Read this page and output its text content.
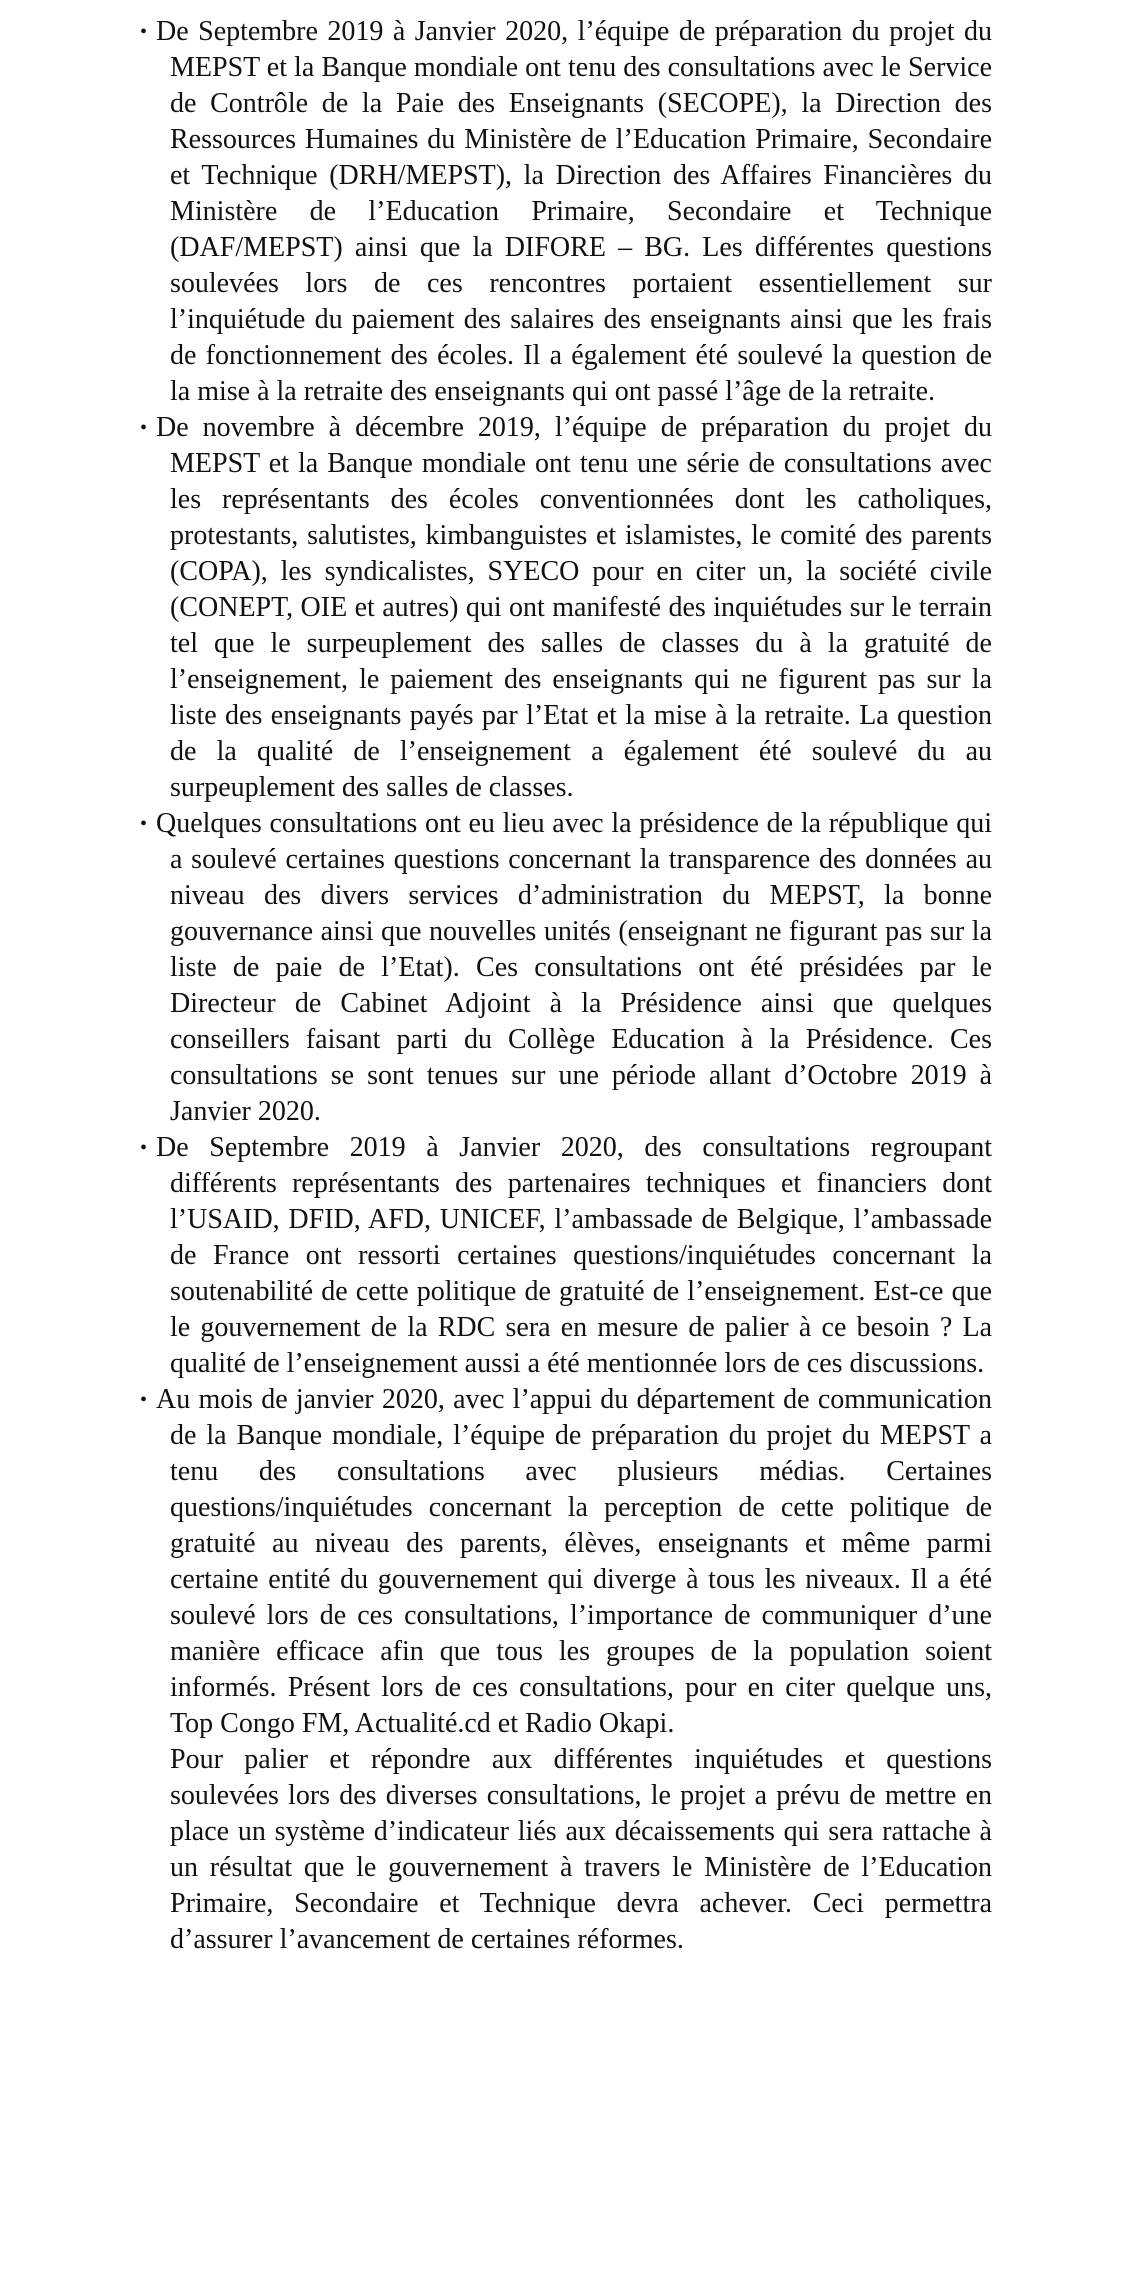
• De Septembre 2019 à Janvier 2020, l’équipe de préparation du projet du MEPST et la Banque mondiale ont tenu des consultations avec le Service de Contrôle de la Paie des Enseignants (SECOPE), la Direction des Ressources Humaines du Ministère de l’Education Primaire, Secondaire et Technique (DRH/MEPST), la Direction des Affaires Financières du Ministère de l’Education Primaire, Secondaire et Technique (DAF/MEPST) ainsi que la DIFORE – BG. Les différentes questions soulevées lors de ces rencontres portaient essentiellement sur l’inquiétude du paiement des salaires des enseignants ainsi que les frais de fonctionnement des écoles. Il a également été soulevé la question de la mise à la retraite des enseignants qui ont passé l’âge de la retraite.

• De novembre à décembre 2019, l’équipe de préparation du projet du MEPST et la Banque mondiale ont tenu une série de consultations avec les représentants des écoles conventionnées dont les catholiques, protestants, salutistes, kimbanguistes et islamistes, le comité des parents (COPA), les syndicalistes, SYECO pour en citer un, la société civile (CONEPT, OIE et autres) qui ont manifesté des inquiétudes sur le terrain tel que le surpeuplement des salles de classes du à la gratuité de l’enseignement, le paiement des enseignants qui ne figurent pas sur la liste des enseignants payés par l’Etat et la mise à la retraite. La question de la qualité de l’enseignement a également été soulevé du au surpeuplement des salles de classes.

• Quelques consultations ont eu lieu avec la présidence de la république qui a soulevé certaines questions concernant la transparence des données au niveau des divers services d’administration du MEPST, la bonne gouvernance ainsi que nouvelles unités (enseignant ne figurant pas sur la liste de paie de l’Etat). Ces consultations ont été présidées par le Directeur de Cabinet Adjoint à la Présidence ainsi que quelques conseillers faisant parti du Collège Education à la Présidence. Ces consultations se sont tenues sur une période allant d’Octobre 2019 à Janvier 2020.

• De Septembre 2019 à Janvier 2020, des consultations regroupant différents représentants des partenaires techniques et financiers dont l’USAID, DFID, AFD, UNICEF, l’ambassade de Belgique, l’ambassade de France ont ressorti certaines questions/inquiétudes concernant la soutenabilité de cette politique de gratuité de l’enseignement. Est-ce que le gouvernement de la RDC sera en mesure de palier à ce besoin ? La qualité de l’enseignement aussi a été mentionnée lors de ces discussions.

• Au mois de janvier 2020, avec l’appui du département de communication de la Banque mondiale, l’équipe de préparation du projet du MEPST a tenu des consultations avec plusieurs médias. Certaines questions/inquiétudes concernant la perception de cette politique de gratuité au niveau des parents, élèves, enseignants et même parmi certaine entité du gouvernement qui diverge à tous les niveaux. Il a été soulevé lors de ces consultations, l’importance de communiquer d’une manière efficace afin que tous les groupes de la population soient informés. Présent lors de ces consultations, pour en citer quelque uns, Top Congo FM, Actualité.cd et Radio Okapi.

Pour palier et répondre aux différentes inquiétudes et questions soulevées lors des diverses consultations, le projet a prévu de mettre en place un système d’indicateur liés aux décaissements qui sera rattache à un résultat que le gouvernement à travers le Ministère de l’Education Primaire, Secondaire et Technique devra achever. Ceci permettra d’assurer l’avancement de certaines réformes.
